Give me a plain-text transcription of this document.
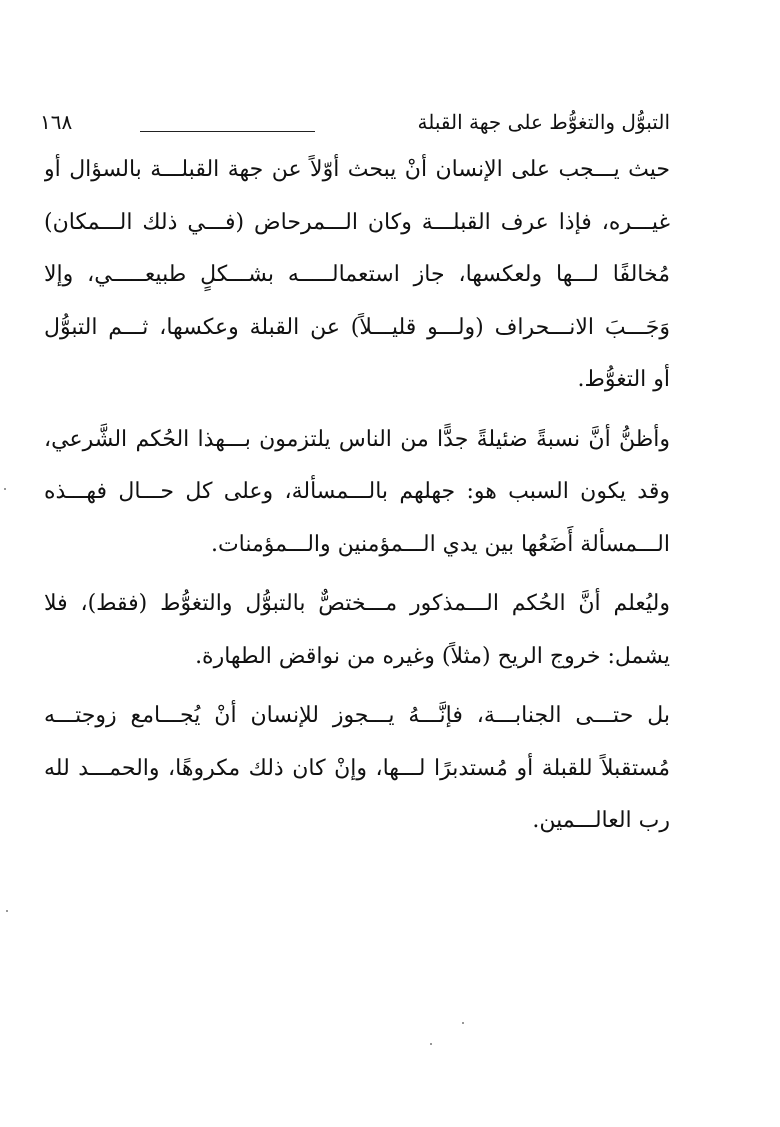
التبوُّل والتغوُّط على جهة القبلة
١٦٨
حيث يـــجب على الإنسان أنْ يبحث أوّلاً عن جهة القبلـــة بالسؤال أو
غيـــره، فإذا عرف القبلـــة وكان الـــمرحاض (فـــي ذلك الـــمكان)
مُخالفًا لـــها ولعكسها، جاز استعمالـــــه بشـــكلٍ طبيعـــــي، وإلا
وَجَـــبَ الانـــحراف (ولـــو قليـــلاً) عن القبلة وعكسها، ثـــم التبوُّل
أو التغوُّط.
وأظنُّ أنَّ نسبةً ضئيلةً جدًّا من الناس يلتزمون بـــهذا الحُكم الشَّرعي،
وقد يكون السبب هو: جهلهم بالـــمسألة، وعلى كل حـــال فهـــذه
الـــمسألة أَضَعُها بين يدي الـــمؤمنين والـــمؤمنات.
وليُعلم أنَّ الحُكم الـــمذكور مـــختصٌّ بالتبوُّل والتغوُّط (فقط)، فلا
يشمل: خروج الريح (مثلاً) وغيره من نواقض الطهارة.
بل حتـــى الجنابـــة، فإنَّـــهُ يـــجوز للإنسان أنْ يُجـــامع زوجتـــه
مُستقبلاً للقبلة أو مُستدبرًا لـــها، وإنْ كان ذلك مكروهًا، والحمـــد لله
رب العالـــمين.
